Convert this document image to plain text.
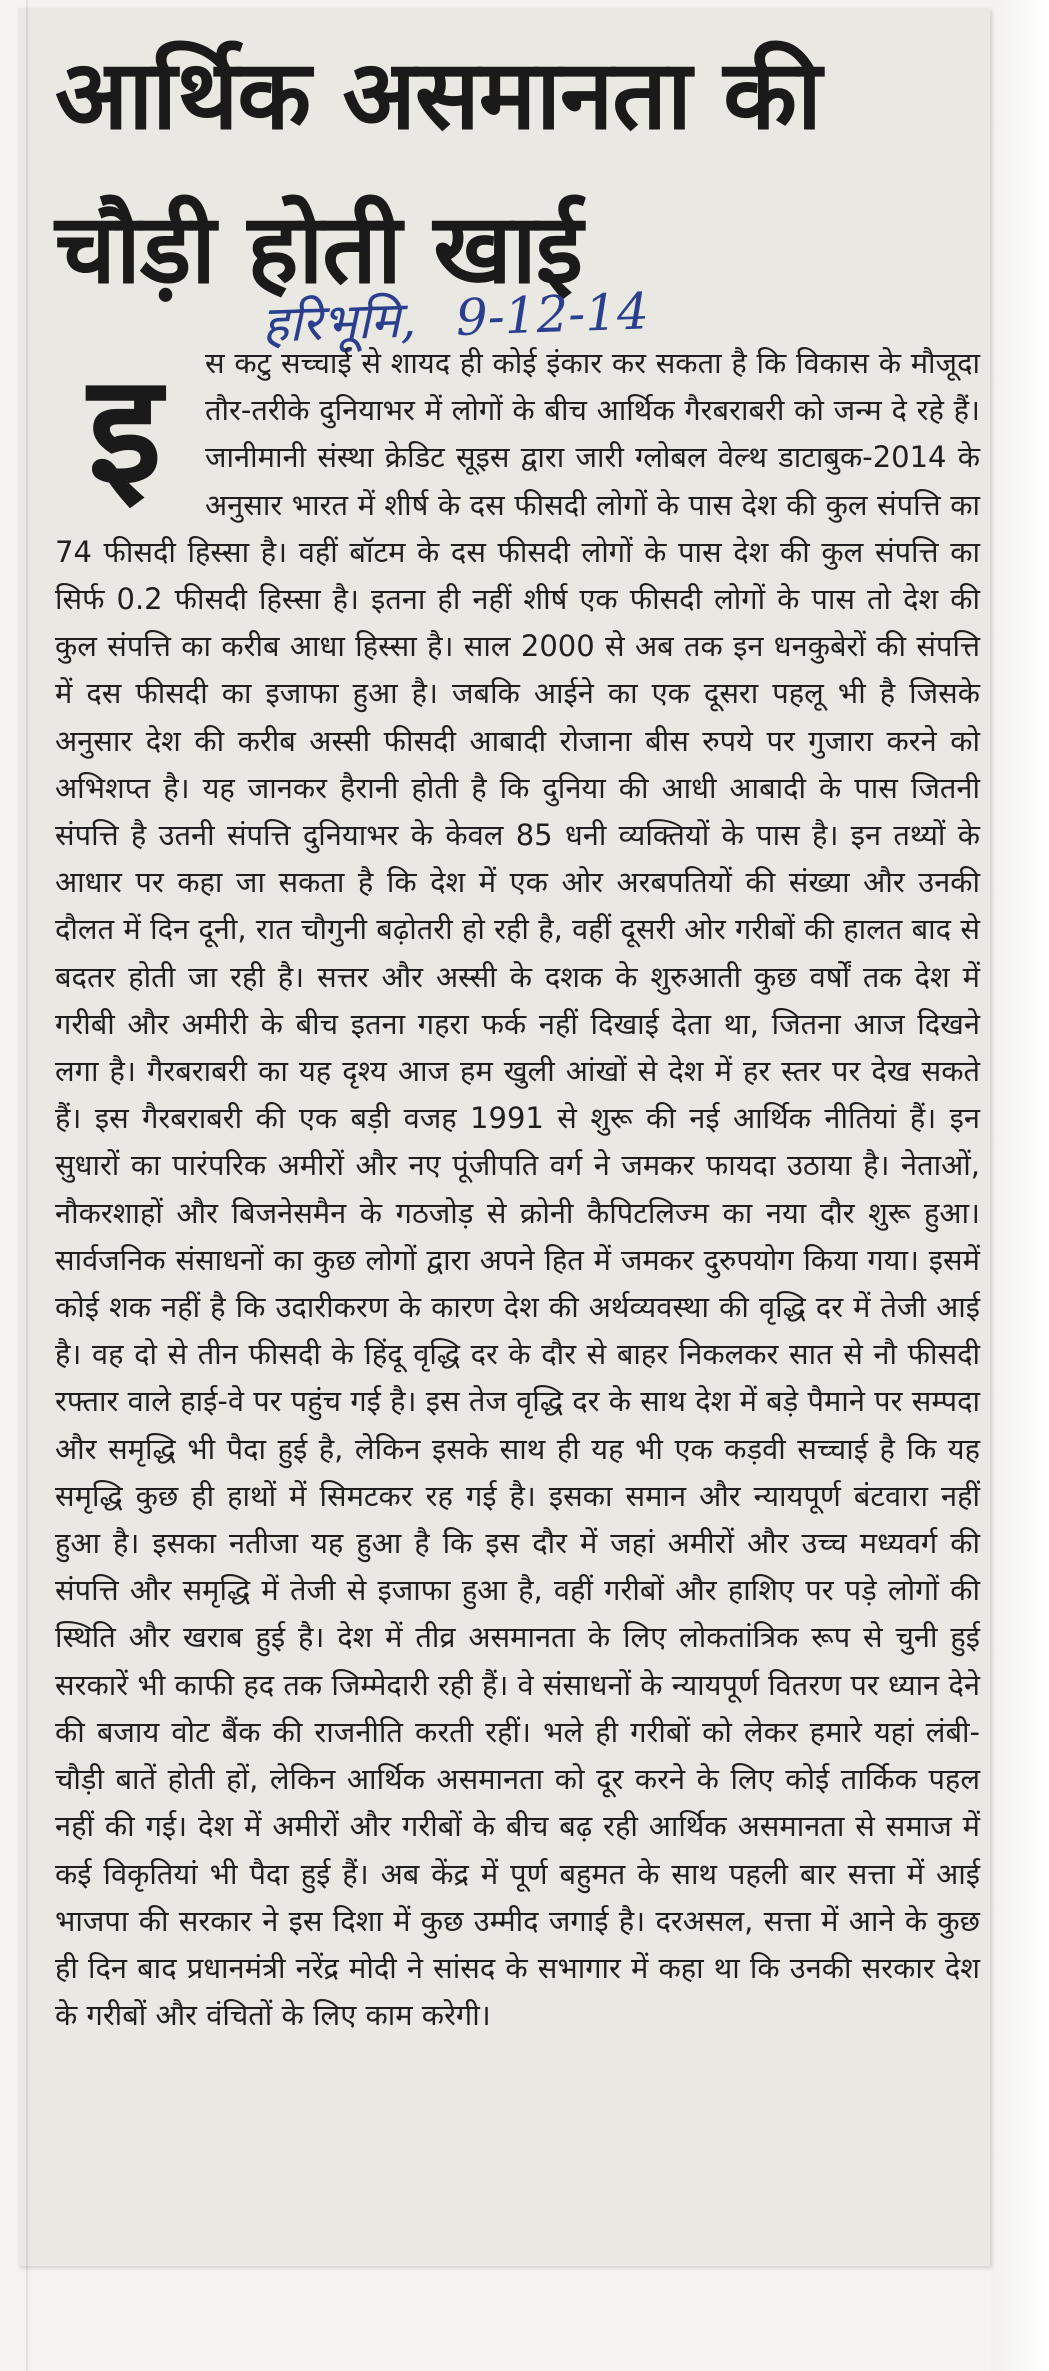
आर्थिक असमानता की चौड़ी होती खाई
हरिभूमि, 9-12-14
इ	स कटु सच्चाई से शायद ही कोई इंकार कर सकता है कि विकास के मौजूदा तौर-तरीके दुनियाभर में लोगों के बीच आर्थिक गैरबराबरी को जन्म दे रहे हैं। जानीमानी संस्था क्रेडिट सूइस द्वारा जारी ग्लोबल वेल्थ डाटाबुक-2014 के अनुसार भारत में शीर्ष के दस फीसदी लोगों के पास देश की कुल संपत्ति का 74 फीसदी हिस्सा है। वहीं बॉटम के दस फीसदी लोगों के पास देश की कुल संपत्ति का सिर्फ 0.2 फीसदी हिस्सा है। इतना ही नहीं शीर्ष एक फीसदी लोगों के पास तो देश की कुल संपत्ति का करीब आधा हिस्सा है। साल 2000 से अब तक इन धनकुबेरों की संपत्ति में दस फीसदी का इजाफा हुआ है। जबकि आईने का एक दूसरा पहलू भी है जिसके अनुसार देश की करीब अस्सी फीसदी आबादी रोजाना बीस रुपये पर गुजारा करने को अभिशप्त है। यह जानकर हैरानी होती है कि दुनिया की आधी आबादी के पास जितनी संपत्ति है उतनी संपत्ति दुनियाभर के केवल 85 धनी व्यक्तियों के पास है। इन तथ्यों के आधार पर कहा जा सकता है कि देश में एक ओर अरबपतियों की संख्या और उनकी दौलत में दिन दूनी, रात चौगुनी बढ़ोतरी हो रही है, वहीं दूसरी ओर गरीबों की हालत बाद से बदतर होती जा रही है। सत्तर और अस्सी के दशक के शुरुआती कुछ वर्षों तक देश में गरीबी और अमीरी के बीच इतना गहरा फर्क नहीं दिखाई देता था, जितना आज दिखने लगा है। गैरबराबरी का यह दृश्य आज हम खुली आंखों से देश में हर स्तर पर देख सकते हैं। इस गैरबराबरी की एक बड़ी वजह 1991 से शुरू की नई आर्थिक नीतियां हैं। इन सुधारों का पारंपरिक अमीरों और नए पूंजीपति वर्ग ने जमकर फायदा उठाया है। नेताओं, नौकरशाहों और बिजनेसमैन के गठजोड़ से क्रोनी कैपिटलिज्म का नया दौर शुरू हुआ। सार्वजनिक संसाधनों का कुछ लोगों द्वारा अपने हित में जमकर दुरुपयोग किया गया। इसमें कोई शक नहीं है कि उदारीकरण के कारण देश की अर्थव्यवस्था की वृद्धि दर में तेजी आई है। वह दो से तीन फीसदी के हिंदू वृद्धि दर के दौर से बाहर निकलकर सात से नौ फीसदी रफ्तार वाले हाई-वे पर पहुंच गई है। इस तेज वृद्धि दर के साथ देश में बड़े पैमाने पर सम्पदा और समृद्धि भी पैदा हुई है, लेकिन इसके साथ ही यह भी एक कड़वी सच्चाई है कि यह समृद्धि कुछ ही हाथों में सिमटकर रह गई है। इसका समान और न्यायपूर्ण बंटवारा नहीं हुआ है। इसका नतीजा यह हुआ है कि इस दौर में जहां अमीरों और उच्च मध्यवर्ग की संपत्ति और समृद्धि में तेजी से इजाफा हुआ है, वहीं गरीबों और हाशिए पर पड़े लोगों की स्थिति और खराब हुई है। देश में तीव्र असमानता के लिए लोकतांत्रिक रूप से चुनी हुई सरकारें भी काफी हद तक जिम्मेदारी रही हैं। वे संसाधनों के न्यायपूर्ण वितरण पर ध्यान देने की बजाय वोट बैंक की राजनीति करती रहीं। भले ही गरीबों को लेकर हमारे यहां लंबी-चौड़ी बातें होती हों, लेकिन आर्थिक असमानता को दूर करने के लिए कोई तार्किक पहल नहीं की गई। देश में अमीरों और गरीबों के बीच बढ़ रही आर्थिक असमानता से समाज में कई विकृतियां भी पैदा हुई हैं। अब केंद्र में पूर्ण बहुमत के साथ पहली बार सत्ता में आई भाजपा की सरकार ने इस दिशा में कुछ उम्मीद जगाई है। दरअसल, सत्ता में आने के कुछ ही दिन बाद प्रधानमंत्री नरेंद्र मोदी ने सांसद के सभागार में कहा था कि उनकी सरकार देश के गरीबों और वंचितों के लिए काम करेगी।
